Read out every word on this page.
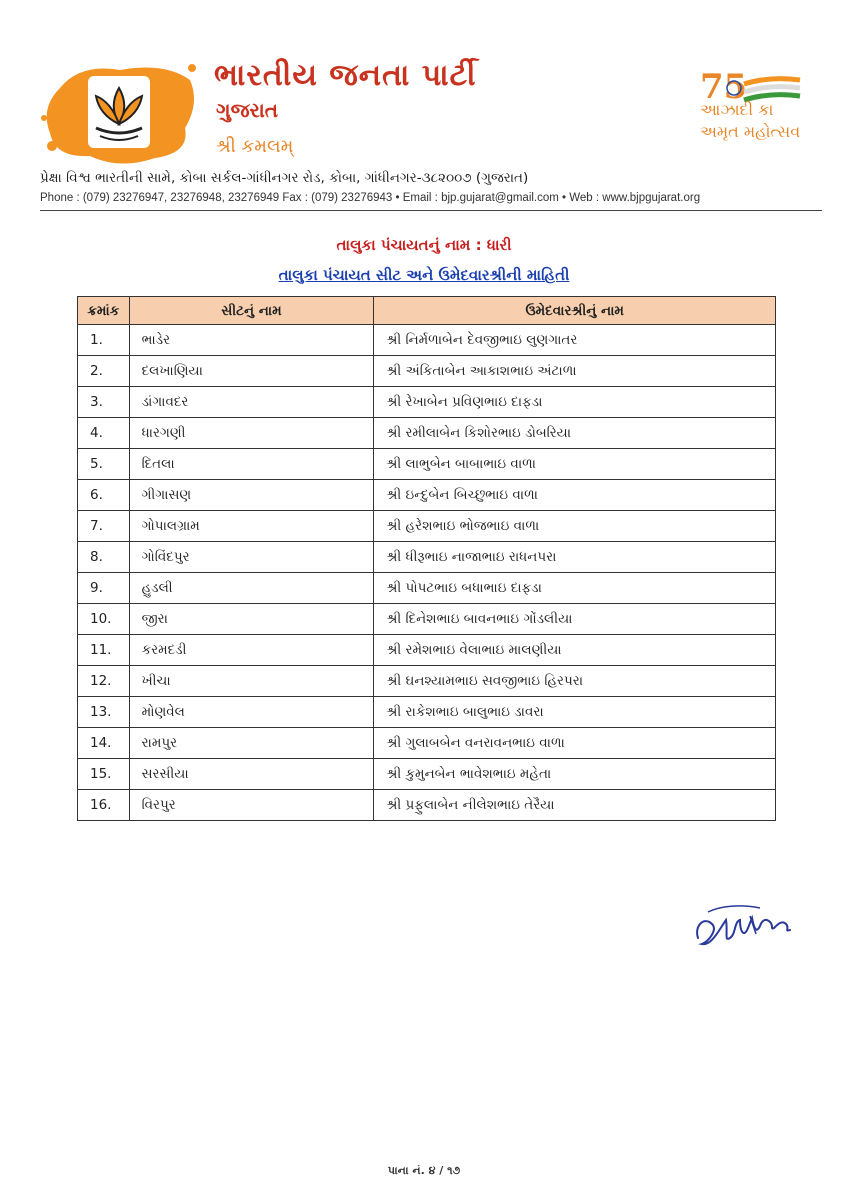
ભારતીય જનતા પાર્ટી
ગુજરાત
શ્રી કમલમ્
75
આઝાદી કા
અમૃત મહોત્સવ
પ્રેક્ષા વિશ્વ ભારતીની સામે, કોબા સર્કલ-ગાંધીનગર રોડ, કોબા, ગાંધીનગર-૩૮૨૦૦૭ (ગુજરાત)
Phone : (079) 23276947, 23276948, 23276949 Fax : (079) 23276943 • Email : bjp.gujarat@gmail.com • Web : www.bjpgujarat.org
તાલુકા પંચાયતનું નામ : ધારી
તાલુકા પંચાયત સીટ અને ઉમેદવારશ્રીની માહિતી
ક્રમાંક	સીટનું નામ	ઉમેદવારશ્રીનું નામ
1.	ભાડેર	શ્રી નિર્મળાબેન દેવજીભાઇ લુણગાતર
2.	દલખાણિયા	શ્રી અંકિતાબેન આકાશભાઇ અંટાળા
3.	ડાંગાવદર	શ્રી રેખાબેન પ્રવિણભાઇ દાફડા
4.	ધારગણી	શ્રી રમીલાબેન કિશોરભાઇ ડોબરિયા
5.	દિતલા	શ્રી લાભુબેન બાબાભાઇ વાળા
6.	ગીગાસણ	શ્રી ઇન્દુબેન બિચ્છુભાઇ વાળા
7.	ગોપાલગ્રામ	શ્રી હરેશભાઇ ભોજભાઇ વાળા
8.	ગોવિંદપુર	શ્રી ધીરૂભાઇ નાજાભાઇ રાધનપરા
9.	હુડલી	શ્રી પોપટભાઇ બધાભાઇ દાફડા
10.	જીરા	શ્રી દિનેશભાઇ બાવનભાઇ ગોંડલીયા
11.	કરમદડી	શ્રી રમેશભાઇ વેલાભાઇ માલણીયા
12.	ખીચા	શ્રી ઘનશ્યામભાઇ સવજીભાઇ હિરપરા
13.	મોણવેલ	શ્રી રાકેશભાઇ બાલુભાઇ ડાવરા
14.	રામપુર	શ્રી ગુલાબબેન વનરાવનભાઇ વાળા
15.	સરસીયા	શ્રી કુમુનબેન ભાવેશભાઇ મહેતા
16.	વિરપુર	શ્રી પ્રફુલાબેન નીલેશભાઇ તેરૈયા
પાના નં. ૪ / ૧૭
